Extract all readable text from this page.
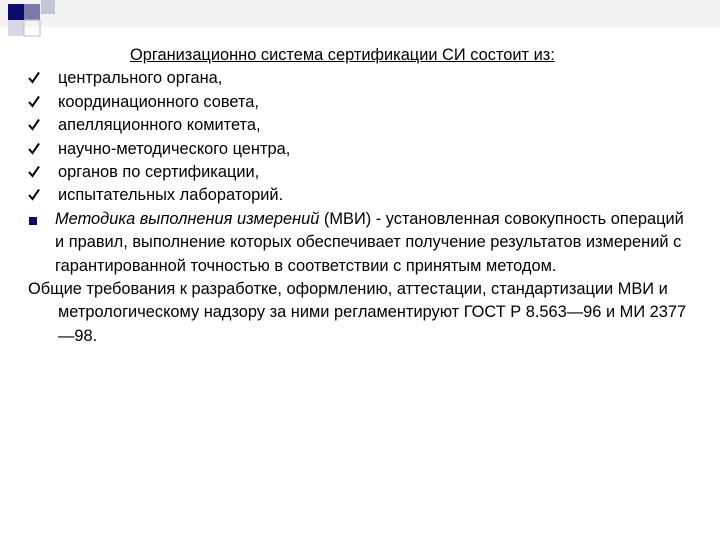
Организационно система сертификации СИ состоит из:
центрального органа,
координационного совета,
апелляционного комитета,
научно-методического центра,
органов по сертификации,
испытательных лабораторий.
Методика выполнения измерений (МВИ) - установленная совокупность операций и правил, выполнение которых обеспечивает получение результатов измерений с гарантированной точностью в соответствии с принятым методом.
Общие требования к разработке, оформлению, аттестации, стандартизации МВИ и метрологическому надзору за ними регламентируют ГОСТ Р 8.563—96 и МИ 2377—98.
